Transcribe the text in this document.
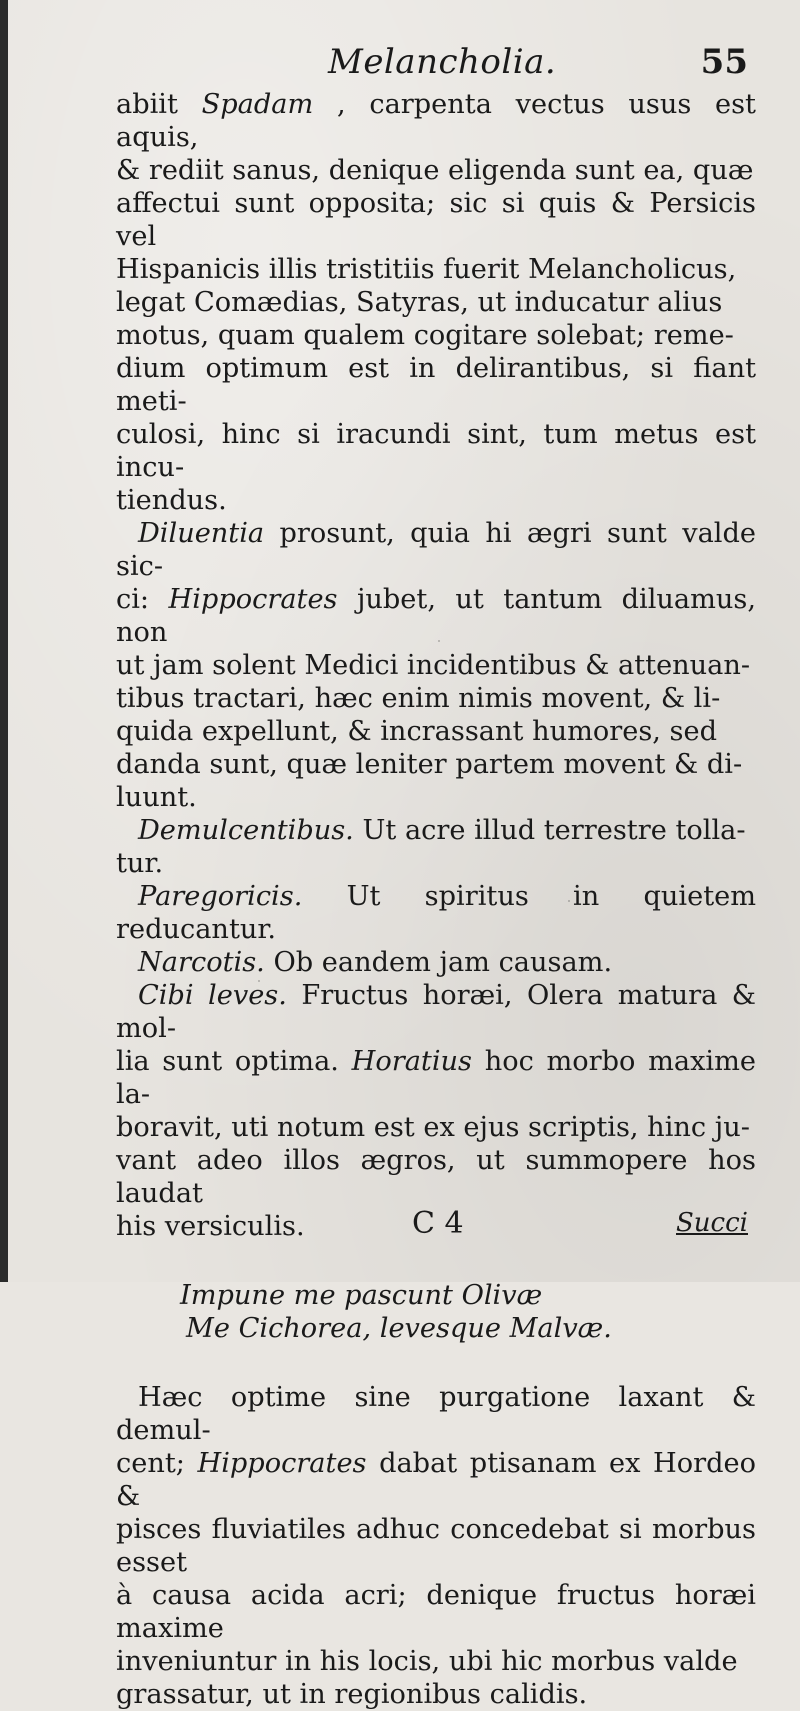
Melancholia.	55
abiit Spadam , carpenta vectus usus est aquis,
& rediit sanus, denique eligenda sunt ea, quæ
affectui sunt opposita; sic si quis & Persicis vel
Hispanicis illis tristitiis fuerit Melancholicus,
legat Comædias, Satyras, ut inducatur alius
motus, quam qualem cogitare solebat; reme-
dium optimum est in delirantibus, si fiant meti-
culosi, hinc si iracundi sint, tum metus est incu-
tiendus.
Diluentia prosunt, quia hi ægri sunt valde sic-
ci: Hippocrates jubet, ut tantum diluamus, non
ut jam solent Medici incidentibus & attenuan-
tibus tractari, hæc enim nimis movent, & li-
quida expellunt, & incrassant humores, sed
danda sunt, quæ leniter partem movent & di-
luunt.
Demulcentibus. Ut acre illud terrestre tolla-
tur.
Paregoricis. Ut spiritus in quietem reducantur.
Narcotis. Ob eandem jam causam.
Cibi leves. Fructus horæi, Olera matura & mol-
lia sunt optima. Horatius hoc morbo maxime la-
boravit, uti notum est ex ejus scriptis, hinc ju-
vant adeo illos ægros, ut summopere hos laudat
his versiculis.
Impune me pascunt Olivæ
Me Cichorea, levesque Malvæ.
Hæc optime sine purgatione laxant & demul-
cent; Hippocrates dabat ptisanam ex Hordeo &
pisces fluviatiles adhuc concedebat si morbus esset
à causa acida acri; denique fructus horæi maxime
inveniuntur in his locis, ubi hic morbus valde
grassatur, ut in regionibus calidis.
C 4	Succi
